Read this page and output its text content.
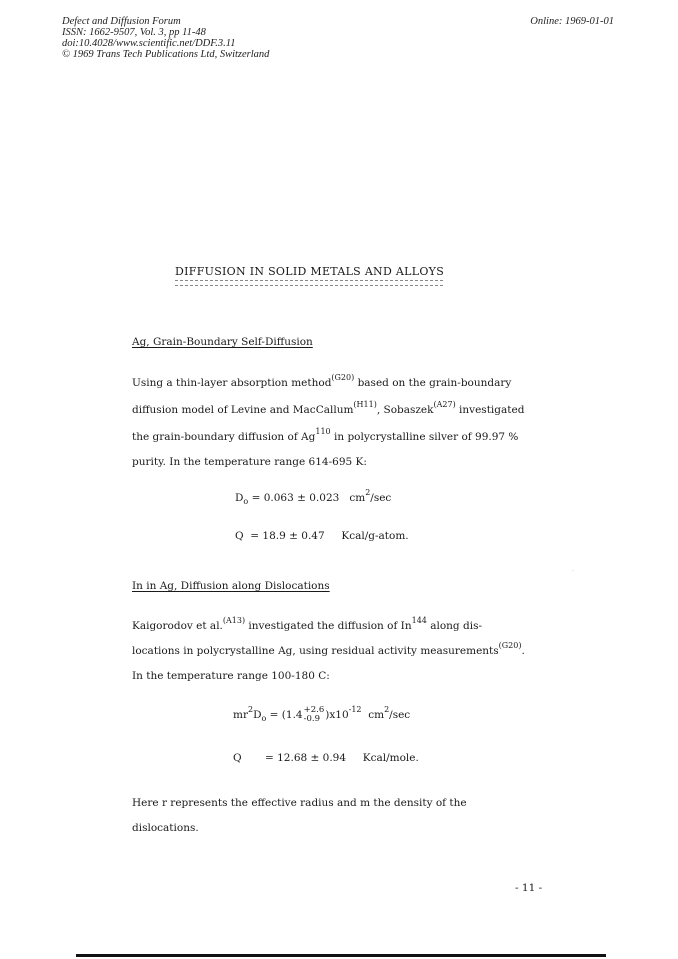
Defect and Diffusion Forum
ISSN: 1662-9507, Vol. 3, pp 11-48
doi:10.4028/www.scientific.net/DDF.3.11
© 1969 Trans Tech Publications Ltd, Switzerland
Online: 1969-01-01
DIFFUSION IN SOLID METALS AND ALLOYS
Ag, Grain-Boundary Self-Diffusion
Using a thin-layer absorption method$^{(G20)}$ based on the grain-boundary
diffusion model of Levine and MacCallum$^{(H11)}$, Sobaszek$^{(A27)}$ investigated
the grain-boundary diffusion of Ag$^{110}$ in polycrystalline silver of 99.97 %
purity. In the temperature range 614-695 K:
$D_o = 0.063 \pm 0.023$ $cm^2/\sec$
Q = 18.9 ± 0.47 Kcal/g-atom.
.
In in Ag, Diffusion along Dislocations
Kaigorodov et al.$^{(A13)}$ investigated the diffusion of In$^{144}$ along dis-
locations in polycrystalline Ag, using residual activity measurements$^{(G20)}$.
In the temperature range 100-180 C:
$mr^2D_o = (1.4 +2.6$
-0.9 )$x10^{-12}$ $cm^2/\sec$
Q = 12.68 ± 0.94 Kcal/mole.
Here r represents the effective radius and m the density of the
dislocations.
- 11 -
